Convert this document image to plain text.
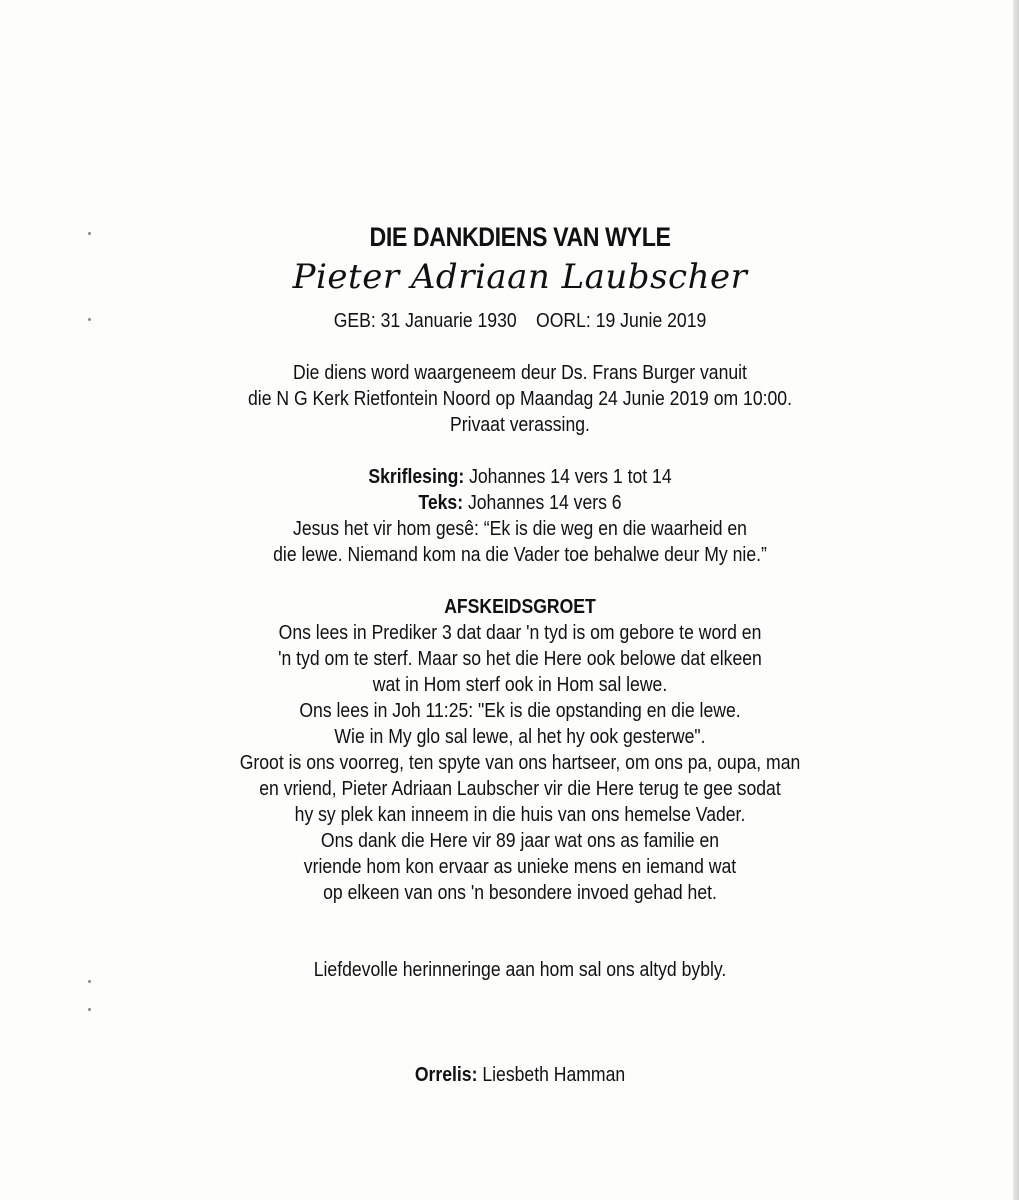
DIE DANKDIENS VAN WYLE

Pieter Adriaan Laubscher

GEB: 31 Januarie 1930 OORL: 19 Junie 2019

Die diens word waargeneem deur Ds. Frans Burger vanuit

die N G Kerk Rietfontein Noord op Maandag 24 Junie 2019 om 10:00.

Privaat verassing.

Skriflesing: Johannes 14 vers 1 tot 14

Teks: Johannes 14 vers 6

Jesus het vir hom gesê: “Ek is die weg en die waarheid en

die lewe. Niemand kom na die Vader toe behalwe deur My nie.”

AFSKEIDSGROET

Ons lees in Prediker 3 dat daar 'n tyd is om gebore te word en

'n tyd om te sterf. Maar so het die Here ook belowe dat elkeen

wat in Hom sterf ook in Hom sal lewe.

Ons lees in Joh 11:25: "Ek is die opstanding en die lewe.

Wie in My glo sal lewe, al het hy ook gesterwe".

Groot is ons voorreg, ten spyte van ons hartseer, om ons pa, oupa, man

en vriend, Pieter Adriaan Laubscher vir die Here terug te gee sodat

hy sy plek kan inneem in die huis van ons hemelse Vader.

Ons dank die Here vir 89 jaar wat ons as familie en

vriende hom kon ervaar as unieke mens en iemand wat

op elkeen van ons 'n besondere invoed gehad het.

Liefdevolle herinneringe aan hom sal ons altyd bybly.

Orrelis: Liesbeth Hamman
